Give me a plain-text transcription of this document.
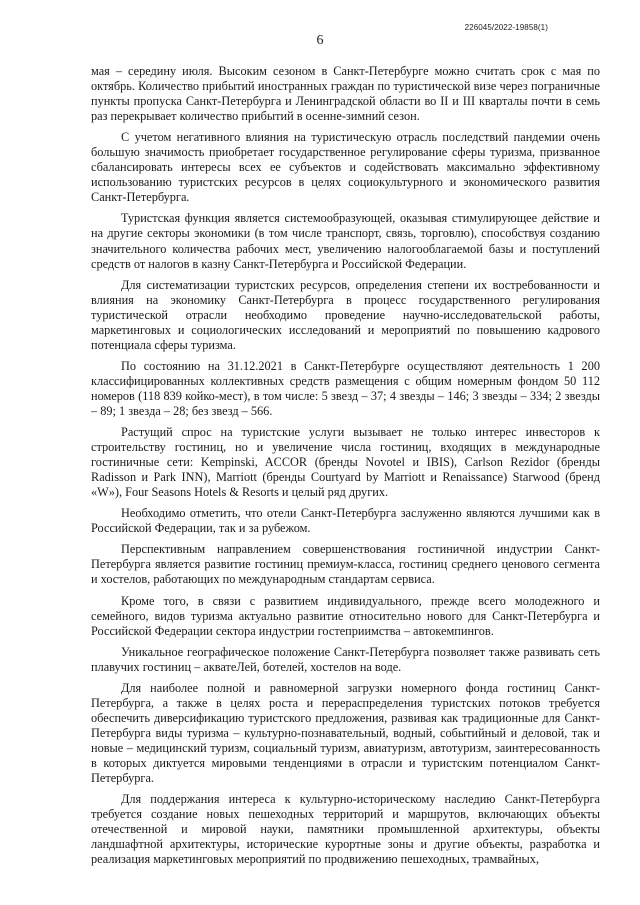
226045/2022-19858(1)
6

мая – середину июля. Высоким сезоном в Санкт-Петербурге можно считать срок с мая по октябрь. Количество прибытий иностранных граждан по туристической визе через пограничные пункты пропуска Санкт-Петербурга и Ленинградской области во II и III кварталы почти в семь раз перекрывает количество прибытий в осенне-зимний сезон.

С учетом негативного влияния на туристическую отрасль последствий пандемии очень большую значимость приобретает государственное регулирование сферы туризма, призванное сбалансировать интересы всех ее субъектов и содействовать максимально эффективному использованию туристских ресурсов в целях социокультурного и экономического развития Санкт-Петербурга.

Туристская функция является системообразующей, оказывая стимулирующее действие и на другие секторы экономики (в том числе транспорт, связь, торговлю), способствуя созданию значительного количества рабочих мест, увеличению налогооблагаемой базы и поступлений средств от налогов в казну Санкт-Петербурга и Российской Федерации.

Для систематизации туристских ресурсов, определения степени их востребованности и влияния на экономику Санкт-Петербурга в процесс государственного регулирования туристической отрасли необходимо проведение научно-исследовательской работы, маркетинговых и социологических исследований и мероприятий по повышению кадрового потенциала сферы туризма.

По состоянию на 31.12.2021 в Санкт-Петербурге осуществляют деятельность 1 200 классифицированных коллективных средств размещения с общим номерным фондом 50 112 номеров (118 839 койко-мест), в том числе: 5 звезд – 37; 4 звезды – 146; 3 звезды – 334; 2 звезды – 89; 1 звезда – 28; без звезд – 566.

Растущий спрос на туристские услуги вызывает не только интерес инвесторов к строительству гостиниц, но и увеличение числа гостиниц, входящих в международные гостиничные сети: Kempinski, ACCOR (бренды Novotel и IBIS), Carlson Rezidor (бренды Radisson и Park INN), Marriott (бренды Courtyard by Marriott и Renaissance) Starwood (бренд «W»), Four Seasons Hotels & Resorts и целый ряд других.

Необходимо отметить, что отели Санкт-Петербурга заслуженно являются лучшими как в Российской Федерации, так и за рубежом.

Перспективным направлением совершенствования гостиничной индустрии Санкт-Петербурга является развитие гостиниц премиум-класса, гостиниц среднего ценового сегмента и хостелов, работающих по международным стандартам сервиса.

Кроме того, в связи с развитием индивидуального, прежде всего молодежного и семейного, видов туризма актуально развитие относительно нового для Санкт-Петербурга и Российской Федерации сектора индустрии гостеприимства – автокемпингов.

Уникальное географическое положение Санкт-Петербурга позволяет также развивать сеть плавучих гостиниц – акватеЛей, ботелей, хостелов на воде.

Для наиболее полной и равномерной загрузки номерного фонда гостиниц Санкт-Петербурга, а также в целях роста и перераспределения туристских потоков требуется обеспечить диверсификацию туристского предложения, развивая как традиционные для Санкт-Петербурга виды туризма – культурно-познавательный, водный, событийный и деловой, так и новые – медицинский туризм, социальный туризм, авиатуризм, автотуризм, заинтересованность в которых диктуется мировыми тенденциями в отрасли и туристским потенциалом Санкт-Петербурга.

Для поддержания интереса к культурно-историческому наследию Санкт-Петербурга требуется создание новых пешеходных территорий и маршрутов, включающих объекты отечественной и мировой науки, памятники промышленной архитектуры, объекты ландшафтной архитектуры, исторические курортные зоны и другие объекты, разработка и реализация маркетинговых мероприятий по продвижению пешеходных, трамвайных,
